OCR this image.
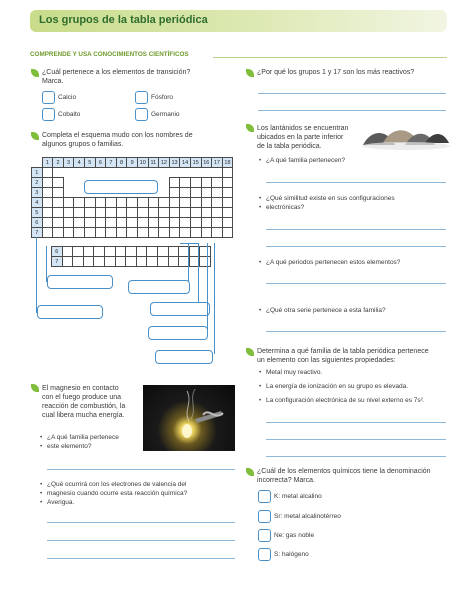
Los grupos de la tabla periódica
COMPRENDE Y USA CONOCIMIENTOS CIENTÍFICOS
¿Cuál pertenece a los elementos de transición?
Marca.
Calcio	Fósforo
Cobalto	Germanio
Completa el esquema mudo con los nombres de
algunos grupos o familias.
	1	2	3	4	5	6	7	8	9	10	11	12	13	14	15	16	17	18
1																		
2																		
3																		
4																		
5																		
6																		
7																		
6														
7														
El magnesio en contacto
con el fuego produce una
reacción de combustión, la
cual libera mucha energía.
• ¿A qué familia pertenece
• este elemento?
• ¿Qué ocurrirá con los electrones de valencia del
• magnesio cuando ocurre esta reacción química?
• Averigua.
¿Por qué los grupos 1 y 17 son los más reactivos?
Los lantánidos se encuentran
ubicados en la parte inferior
de la tabla periódica.
• ¿A qué familia pertenecen?
• ¿Qué similitud existe en sus configuraciones
• electrónicas?
• ¿A qué periodos pertenecen estos elementos?
• ¿Qué otra serie pertenece a esta familia?
Determina a qué familia de la tabla periódica pertenece
un elemento con las siguientes propiedades:
• Metal muy reactivo.
• La energía de ionización en su grupo es elevada.
• La configuración electrónica de su nivel externo es 7s².
¿Cuál de los elementos químicos tiene la denominación
incorrecta? Marca.
K: metal alcalino
Sr: metal alcalinotérreo
Ne: gas noble
S: halógeno
